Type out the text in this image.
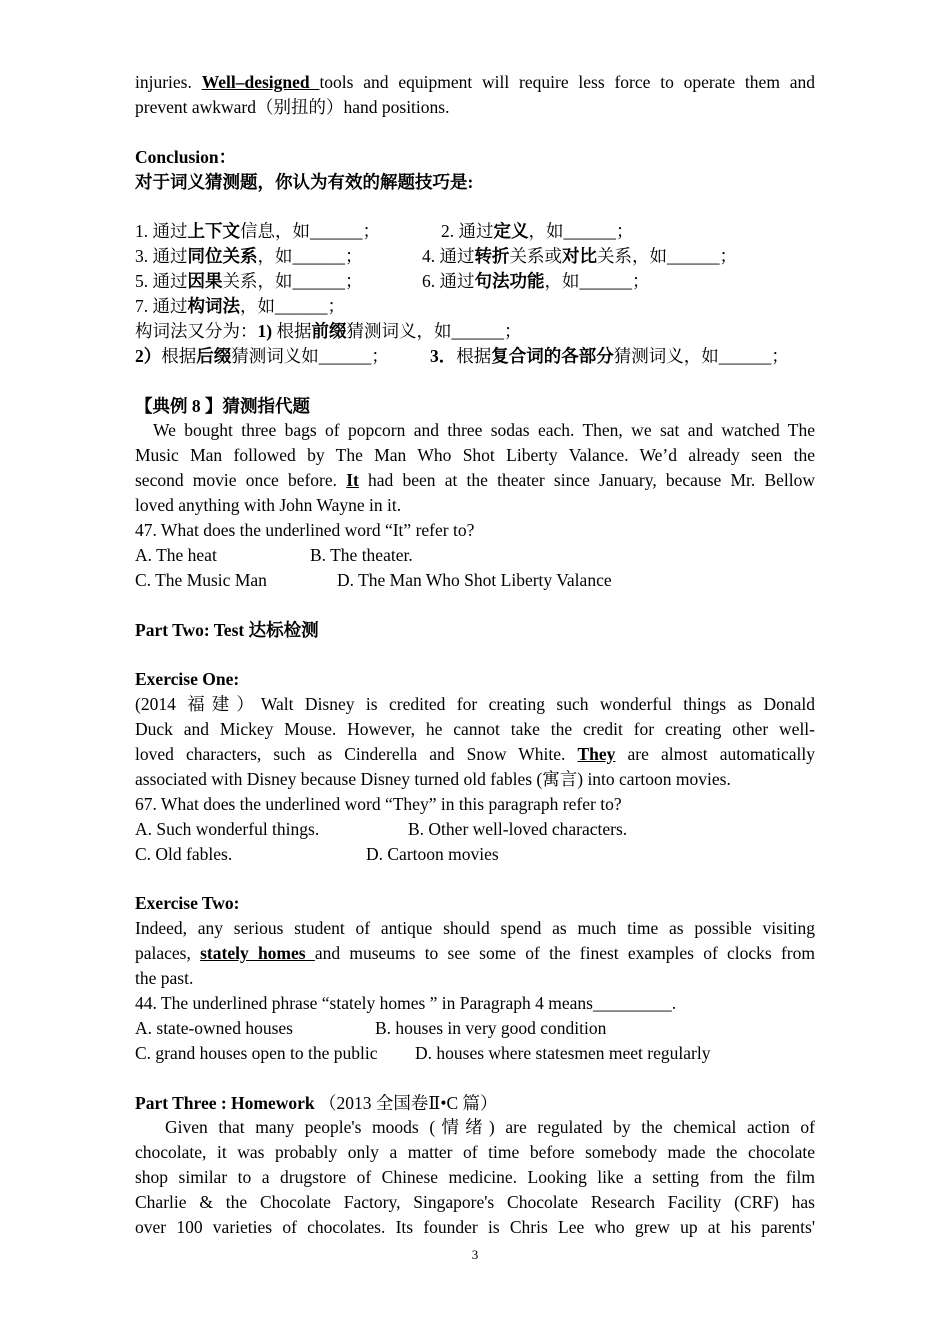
injuries. Well–designed tools and equipment will require less force to operate them and
prevent awkward（别扭的）hand positions.
Conclusion：
对于词义猜测题，你认为有效的解题技巧是:
1. 通过上下文信息，如______；	2. 通过定义，如______；
3. 通过同位关系，如______；	4. 通过转折关系或对比关系，如______；
5. 通过因果关系，如______；	6. 通过句法功能，如______；
7. 通过构词法，如______；
构词法又分为：1) 根据前缀猜测词义，如______；
2）根据后缀猜测词义如______； 3．根据复合词的各部分猜测词义，如______；
【典例 8 】猜测指代题
We bought three bags of popcorn and three sodas each. Then, we sat and watched The
Music Man followed by The Man Who Shot Liberty Valance. We’d already seen the
second movie once before. It had been at the theater since January, because Mr. Bellow
loved anything with John Wayne in it.
47. What does the underlined word “It” refer to?
A. The heat	B. The theater.
C. The Music Man	D. The Man Who Shot Liberty Valance
Part Two: Test 达标检测
Exercise One:
(2014 福建）Walt Disney is credited for creating such wonderful things as Donald
Duck and Mickey Mouse. However, he cannot take the credit for creating other well-
loved characters, such as Cinderella and Snow White. They are almost automatically
associated with Disney because Disney turned old fables (寓言) into cartoon movies.
67. What does the underlined word “They” in this paragraph refer to?
A. Such wonderful things.	B. Other well-loved characters.
C. Old fables.	D. Cartoon movies
Exercise Two:
Indeed, any serious student of antique should spend as much time as possible visiting
palaces, stately homes and museums to see some of the finest examples of clocks from
the past.
44. The underlined phrase “stately homes ” in Paragraph 4 means_________.
A. state-owned houses	B. houses in very good condition
C. grand houses open to the public D. houses where statesmen meet regularly
Part Three : Homework （2013 全国卷Ⅱ•C 篇）
Given that many people's moods (情绪) are regulated by the chemical action of
chocolate, it was probably only a matter of time before somebody made the chocolate
shop similar to a drugstore of Chinese medicine. Looking like a setting from the film
Charlie & the Chocolate Factory, Singapore's Chocolate Research Facility (CRF) has
over 100 varieties of chocolates. Its founder is Chris Lee who grew up at his parents'
3
